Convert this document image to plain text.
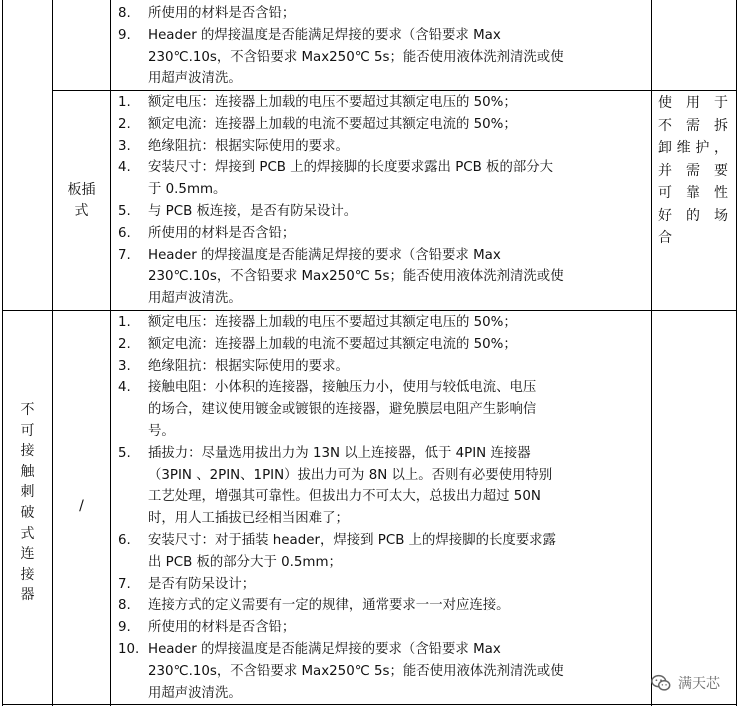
8. 所使用的材料是否含铅；
9. Header 的焊接温度是否能满足焊接的要求（含铅要求 Max
230℃.10s，不含铅要求 Max250℃ 5s；能否使用液体洗剂清洗或使
用超声波清洗。
板插
式
1. 额定电压：连接器上加载的电压不要超过其额定电压的 50%；
2. 额定电流：连接器上加载的电流不要超过其额定电流的 50%；
3. 绝缘阻抗：根据实际使用的要求。
4. 安装尺寸：焊接到 PCB 上的焊接脚的长度要求露出 PCB 板的部分大
于 0.5mm。
5. 与 PCB 板连接，是否有防呆设计。
6. 所使用的材料是否含铅；
7. Header 的焊接温度是否能满足焊接的要求（含铅要求 Max
230℃.10s，不含铅要求 Max250℃ 5s；能否使用液体洗剂清洗或使
用超声波清洗。
使 用 于
不 需 拆
卸维护，
并 需 要
可 靠 性
好 的 场
合
不
可
接
触
刺
破
式
连
接
器
/
1. 额定电压：连接器上加载的电压不要超过其额定电压的 50%；
2. 额定电流：连接器上加载的电流不要超过其额定电流的 50%；
3. 绝缘阻抗：根据实际使用的要求。
4. 接触电阻：小体积的连接器，接触压力小，使用与较低电流、电压
的场合，建议使用镀金或镀银的连接器，避免膜层电阻产生影响信
号。
5. 插拔力：尽量选用拔出力为 13N 以上连接器，低于 4PIN 连接器
（3PIN 、2PIN、1PIN）拔出力可为 8N 以上。否则有必要使用特别
工艺处理，增强其可靠性。但拔出力不可太大，总拔出力超过 50N
时，用人工插拔已经相当困难了；
6. 安装尺寸：对于插装 header，焊接到 PCB 上的焊接脚的长度要求露
出 PCB 板的部分大于 0.5mm；
7. 是否有防呆设计；
8. 连接方式的定义需要有一定的规律，通常要求一一对应连接。
9. 所使用的材料是否含铅；
10. Header 的焊接温度是否能满足焊接的要求（含铅要求 Max
230℃.10s，不含铅要求 Max250℃ 5s；能否使用液体洗剂清洗或使
用超声波清洗。
满天芯
